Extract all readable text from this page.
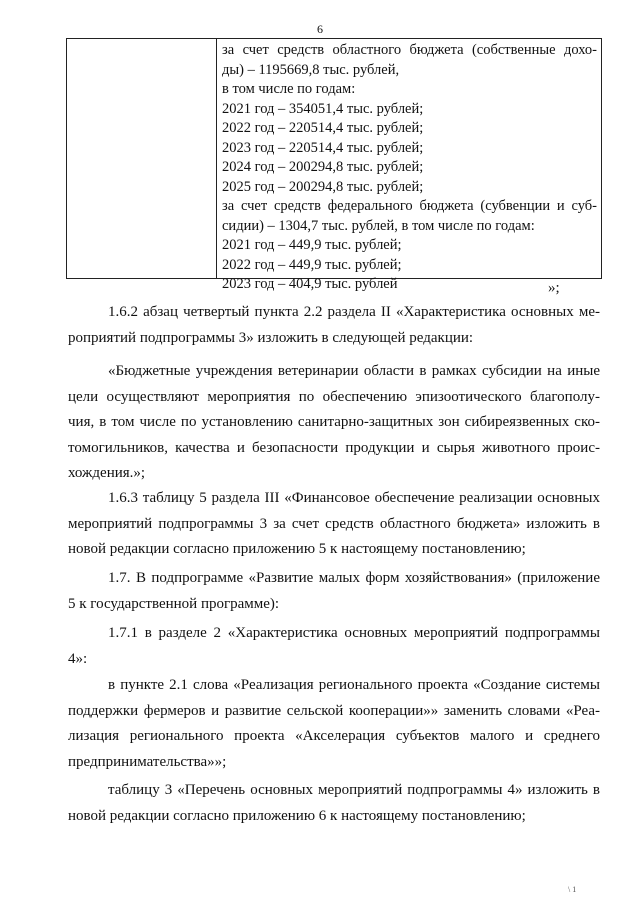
6
за счет средств областного бюджета (собственные дохо-
ды) – 1195669,8 тыс. рублей,
в том числе по годам:
2021 год – 354051,4 тыс. рублей;
2022 год – 220514,4 тыс. рублей;
2023 год – 220514,4 тыс. рублей;
2024 год – 200294,8 тыс. рублей;
2025 год – 200294,8 тыс. рублей;
за счет средств федерального бюджета (субвенции и суб-
сидии) – 1304,7 тыс. рублей, в том числе по годам:
2021 год – 449,9 тыс. рублей;
2022 год – 449,9 тыс. рублей;
2023 год – 404,9 тыс. рублей	»;
1.6.2 абзац четвертый пункта 2.2 раздела II «Характеристика основных ме-
роприятий подпрограммы 3» изложить в следующей редакции:
«Бюджетные учреждения ветеринарии области в рамках субсидии на иные
цели осуществляют мероприятия по обеспечению эпизоотического благополу-
чия, в том числе по установлению санитарно-защитных зон сибиреязвенных ско-
томогильников, качества и безопасности продукции и сырья животного проис-
хождения.»;
1.6.3 таблицу 5 раздела III «Финансовое обеспечение реализации основных
мероприятий подпрограммы 3 за счет средств областного бюджета» изложить в
новой редакции согласно приложению 5 к настоящему постановлению;
1.7. В подпрограмме «Развитие малых форм хозяйствования» (приложение
5 к государственной программе):
1.7.1 в разделе 2 «Характеристика основных мероприятий подпрограммы
4»:
в пункте 2.1 слова «Реализация регионального проекта «Создание системы
поддержки фермеров и развитие сельской кооперации»» заменить словами «Реа-
лизация регионального проекта «Акселерация субъектов малого и среднего
предпринимательства»»;
таблицу 3 «Перечень основных мероприятий подпрограммы 4» изложить в
новой редакции согласно приложению 6 к настоящему постановлению;
\ 1
